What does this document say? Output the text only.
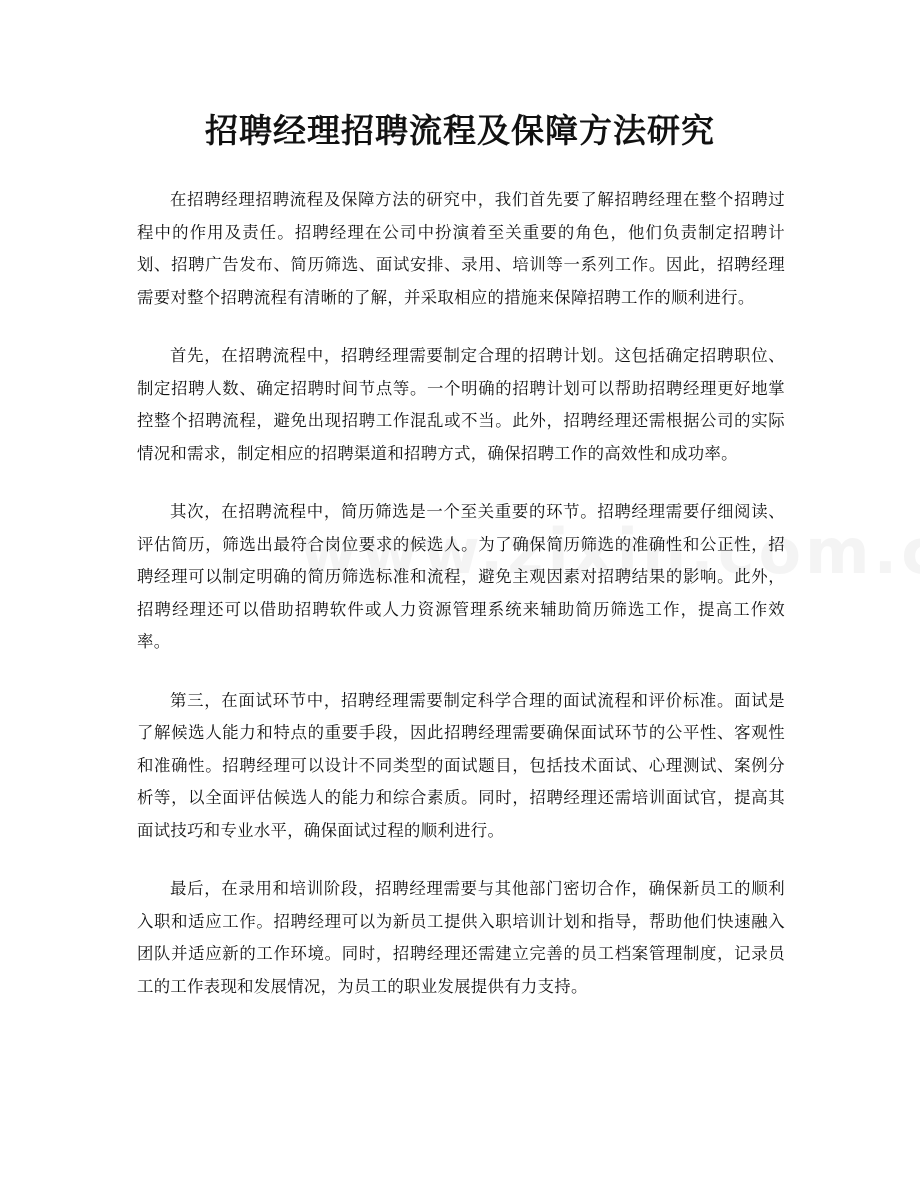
招聘经理招聘流程及保障方法研究

在招聘经理招聘流程及保障方法的研究中，我们首先要了解招聘经理在整个招聘过程中的作用及责任。招聘经理在公司中扮演着至关重要的角色，他们负责制定招聘计划、招聘广告发布、简历筛选、面试安排、录用、培训等一系列工作。因此，招聘经理需要对整个招聘流程有清晰的了解，并采取相应的措施来保障招聘工作的顺利进行。

首先，在招聘流程中，招聘经理需要制定合理的招聘计划。这包括确定招聘职位、制定招聘人数、确定招聘时间节点等。一个明确的招聘计划可以帮助招聘经理更好地掌控整个招聘流程，避免出现招聘工作混乱或不当。此外，招聘经理还需根据公司的实际情况和需求，制定相应的招聘渠道和招聘方式，确保招聘工作的高效性和成功率。

其次，在招聘流程中，简历筛选是一个至关重要的环节。招聘经理需要仔细阅读、评估简历，筛选出最符合岗位要求的候选人。为了确保简历筛选的准确性和公正性，招聘经理可以制定明确的简历筛选标准和流程，避免主观因素对招聘结果的影响。此外，招聘经理还可以借助招聘软件或人力资源管理系统来辅助简历筛选工作，提高工作效率。

第三，在面试环节中，招聘经理需要制定科学合理的面试流程和评价标准。面试是了解候选人能力和特点的重要手段，因此招聘经理需要确保面试环节的公平性、客观性和准确性。招聘经理可以设计不同类型的面试题目，包括技术面试、心理测试、案例分析等，以全面评估候选人的能力和综合素质。同时，招聘经理还需培训面试官，提高其面试技巧和专业水平，确保面试过程的顺利进行。

最后，在录用和培训阶段，招聘经理需要与其他部门密切合作，确保新员工的顺利入职和适应工作。招聘经理可以为新员工提供入职培训计划和指导，帮助他们快速融入团队并适应新的工作环境。同时，招聘经理还需建立完善的员工档案管理制度，记录员工的工作表现和发展情况，为员工的职业发展提供有力支持。
